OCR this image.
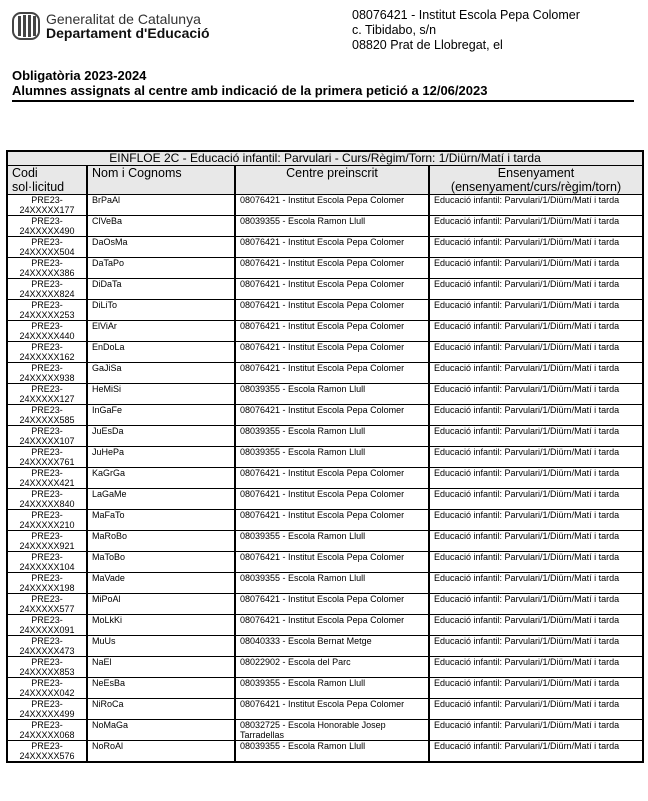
Generalitat de Catalunya
Departament d'Educació
08076421 - Institut Escola Pepa Colomer
c. Tibidabo, s/n
08820 Prat de Llobregat, el
Obligatòria 2023-2024
Alumnes assignats al centre amb indicació de la primera petició a 12/06/2023
EINFLOE 2C - Educació infantil: Parvulari - Curs/Règim/Torn: 1/Diürn/Matí i tarda			
Codi
sol·licitud	Nom i Cognoms	Centre preinscrit	Ensenyament
(ensenyament/curs/règim/torn)
PRE23-
24XXXXX177	BrPaAl	08076421 - Institut Escola Pepa Colomer	Educació infantil: Parvulari/1/Diürn/Matí i tarda
PRE23-
24XXXXX490	ClVeBa	08039355 - Escola Ramon Llull	Educació infantil: Parvulari/1/Diürn/Matí i tarda
PRE23-
24XXXXX504	DaOsMa	08076421 - Institut Escola Pepa Colomer	Educació infantil: Parvulari/1/Diürn/Matí i tarda
PRE23-
24XXXXX386	DaTaPo	08076421 - Institut Escola Pepa Colomer	Educació infantil: Parvulari/1/Diürn/Matí i tarda
PRE23-
24XXXXX824	DiDaTa	08076421 - Institut Escola Pepa Colomer	Educació infantil: Parvulari/1/Diürn/Matí i tarda
PRE23-
24XXXXX253	DiLiTo	08076421 - Institut Escola Pepa Colomer	Educació infantil: Parvulari/1/Diürn/Matí i tarda
PRE23-
24XXXXX440	ElViAr	08076421 - Institut Escola Pepa Colomer	Educació infantil: Parvulari/1/Diürn/Matí i tarda
PRE23-
24XXXXX162	EnDoLa	08076421 - Institut Escola Pepa Colomer	Educació infantil: Parvulari/1/Diürn/Matí i tarda
PRE23-
24XXXXX938	GaJiSa	08076421 - Institut Escola Pepa Colomer	Educació infantil: Parvulari/1/Diürn/Matí i tarda
PRE23-
24XXXXX127	HeMiSi	08039355 - Escola Ramon Llull	Educació infantil: Parvulari/1/Diürn/Matí i tarda
PRE23-
24XXXXX585	InGaFe	08076421 - Institut Escola Pepa Colomer	Educació infantil: Parvulari/1/Diürn/Matí i tarda
PRE23-
24XXXXX107	JuEsDa	08039355 - Escola Ramon Llull	Educació infantil: Parvulari/1/Diürn/Matí i tarda
PRE23-
24XXXXX761	JuHePa	08039355 - Escola Ramon Llull	Educació infantil: Parvulari/1/Diürn/Matí i tarda
PRE23-
24XXXXX421	KaGrGa	08076421 - Institut Escola Pepa Colomer	Educació infantil: Parvulari/1/Diürn/Matí i tarda
PRE23-
24XXXXX840	LaGaMe	08076421 - Institut Escola Pepa Colomer	Educació infantil: Parvulari/1/Diürn/Matí i tarda
PRE23-
24XXXXX210	MaFaTo	08076421 - Institut Escola Pepa Colomer	Educació infantil: Parvulari/1/Diürn/Matí i tarda
PRE23-
24XXXXX921	MaRoBo	08039355 - Escola Ramon Llull	Educació infantil: Parvulari/1/Diürn/Matí i tarda
PRE23-
24XXXXX104	MaToBo	08076421 - Institut Escola Pepa Colomer	Educació infantil: Parvulari/1/Diürn/Matí i tarda
PRE23-
24XXXXX198	MaVade	08039355 - Escola Ramon Llull	Educació infantil: Parvulari/1/Diürn/Matí i tarda
PRE23-
24XXXXX577	MiPoAl	08076421 - Institut Escola Pepa Colomer	Educació infantil: Parvulari/1/Diürn/Matí i tarda
PRE23-
24XXXXX091	MoLkKi	08076421 - Institut Escola Pepa Colomer	Educació infantil: Parvulari/1/Diürn/Matí i tarda
PRE23-
24XXXXX473	MuUs	08040333 - Escola Bernat Metge	Educació infantil: Parvulari/1/Diürn/Matí i tarda
PRE23-
24XXXXX853	NaEl	08022902 - Escola del Parc	Educació infantil: Parvulari/1/Diürn/Matí i tarda
PRE23-
24XXXXX042	NeEsBa	08039355 - Escola Ramon Llull	Educació infantil: Parvulari/1/Diürn/Matí i tarda
PRE23-
24XXXXX499	NiRoCa	08076421 - Institut Escola Pepa Colomer	Educació infantil: Parvulari/1/Diürn/Matí i tarda
PRE23-
24XXXXX068	NoMaGa	08032725 - Escola Honorable Josep Tarradellas	Educació infantil: Parvulari/1/Diürn/Matí i tarda
PRE23-
24XXXXX576	NoRoAl	08039355 - Escola Ramon Llull	Educació infantil: Parvulari/1/Diürn/Matí i tarda
